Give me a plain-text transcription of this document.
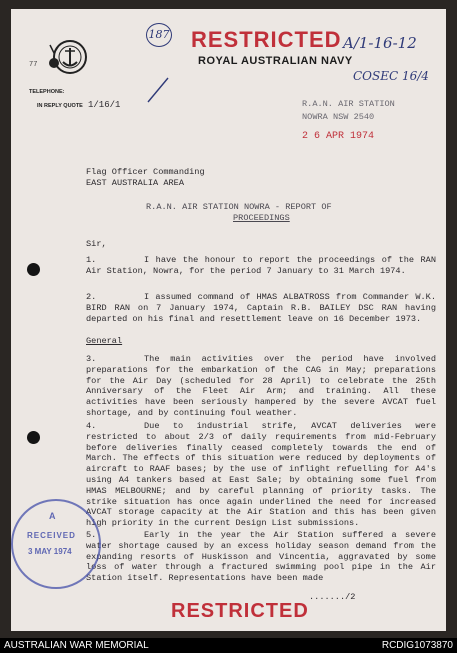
77
187 RESTRICTED A/1-16-12
ROYAL AUSTRALIAN NAVY
COSEC 16/4
TELEPHONE:
IN REPLY QUOTE 1/16/1	R.A.N. AIR STATION
NOWRA NSW 2540
2 6 APR 1974
Flag Officer Commanding
EAST AUSTRALIA AREA
R.A.N. AIR STATION NOWRA - REPORT OF
PROCEEDINGS
Sir,
1.	I have the honour to report the proceedings of the RAN Air Station, Nowra, for the period 7 January to 31 March 1974.
2.	I assumed command of HMAS ALBATROSS from Commander W.K. BIRD RAN on 7 January 1974, Captain R.B. BAILEY DSC RAN having departed on his final and resettlement leave on 16 December 1973.
General
3.	The main activities over the period have involved preparations for the embarkation of the CAG in May; preparations for the Air Day (scheduled for 28 April) to celebrate the 25th Anniversary of the Fleet Air Arm; and training. All these activities have been seriously hampered by the severe AVCAT fuel shortage, and by continuing foul weather.
4.	Due to industrial strife, AVCAT deliveries were restricted to about 2/3 of daily requirements from mid-February before deliveries finally ceased completely towards the end of March. The effects of this situation were reduced by deployments of aircraft to RAAF bases; by the use of inflight refuelling for A4's using A4 tankers based at East Sale; by obtaining some fuel from HMAS MELBOURNE; and by careful planning of priority tasks. The strike situation has once again underlined the need for increased AVCAT storage capacity at the Air Station and this has been given high priority in the current Design List submissions.
5.	Early in the year the Air Station suffered a severe water shortage caused by an excess holiday season demand from the expanding resorts of Huskisson and Vincentia, aggravated by some loss of water through a fractured swimming pool pipe in the Air Station itself. Representations have been made
A
RECEIVED
3 MAY 1974
......./2
RESTRICTED
AUSTRALIAN WAR MEMORIAL	RCDIG1073870
